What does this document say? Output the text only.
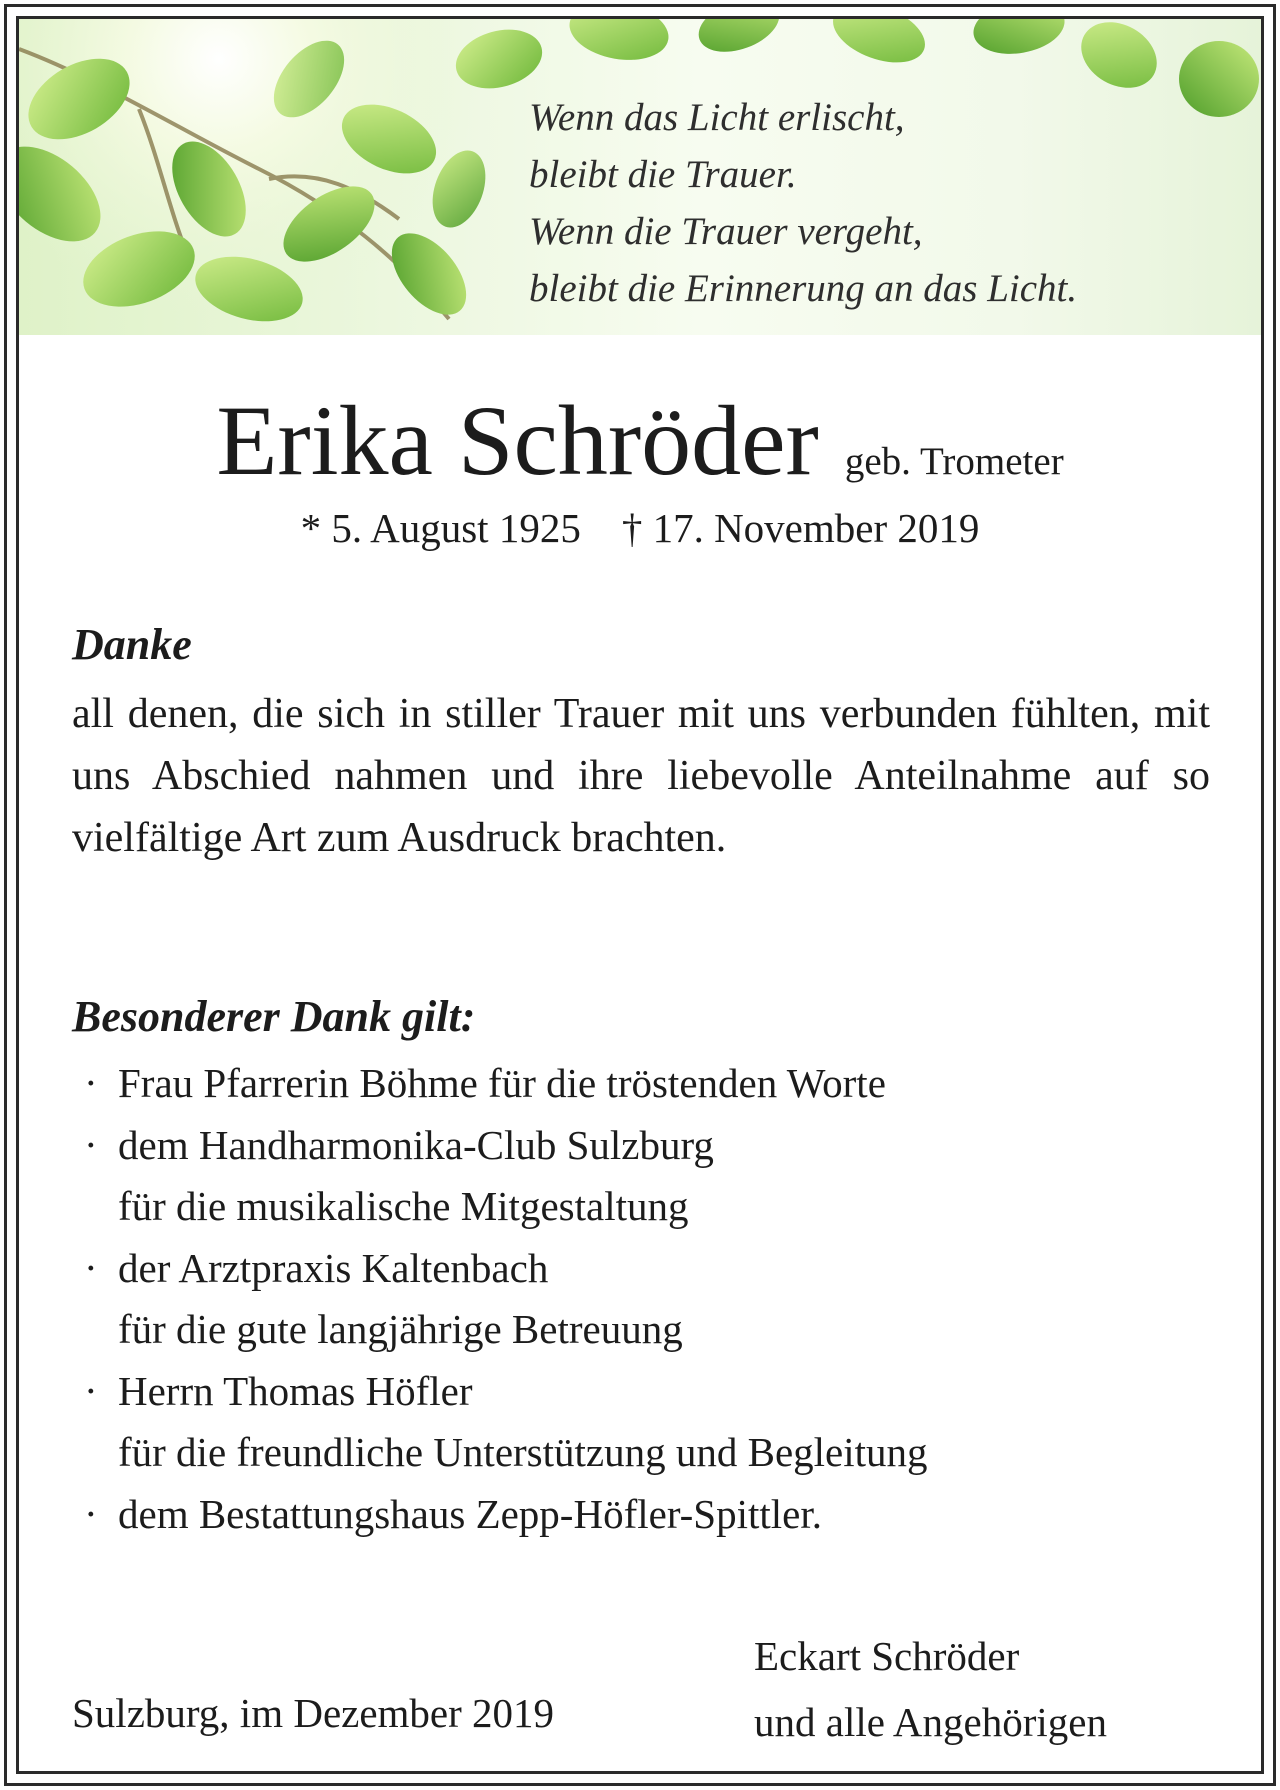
Wenn das Licht erlischt,
bleibt die Trauer.
Wenn die Trauer vergeht,
bleibt die Erinnerung an das Licht.
Erika Schröder geb. Trometer
* 5. August 1925    † 17. November 2019
Danke
all denen, die sich in stiller Trauer mit uns verbunden fühlten, mit uns Abschied nahmen und ihre liebevolle Anteilnahme auf so vielfältige Art zum Ausdruck brachten.
Besonderer Dank gilt:
· Frau Pfarrerin Böhme für die tröstenden Worte
· dem Handharmonika-Club Sulzburg
für die musikalische Mitgestaltung
· der Arztpraxis Kaltenbach
für die gute langjährige Betreuung
· Herrn Thomas Höfler
für die freundliche Unterstützung und Begleitung
· dem Bestattungshaus Zepp-Höfler-Spittler.
Sulzburg, im Dezember 2019
Eckart Schröder
und alle Angehörigen
